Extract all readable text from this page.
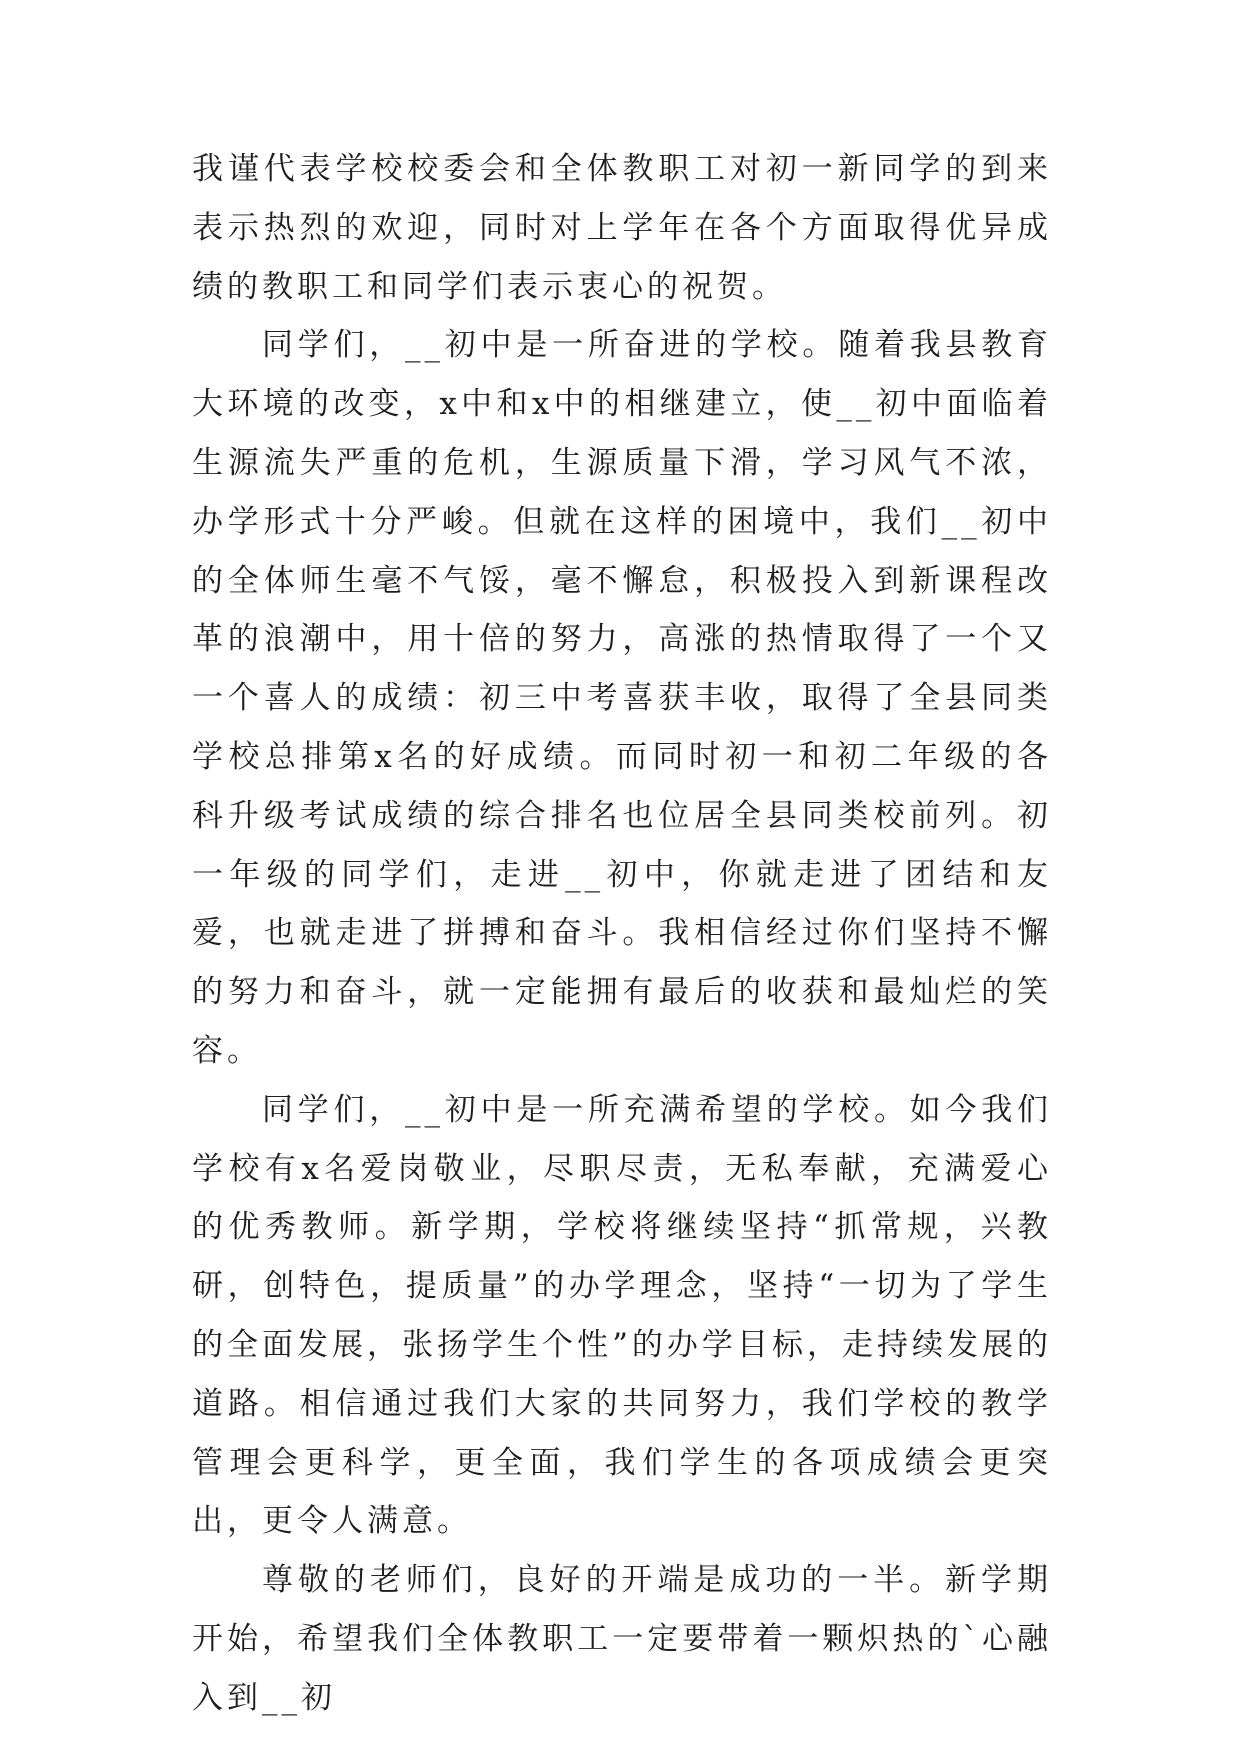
我谨代表学校校委会和全体教职工对初一新同学的到来表示热烈的欢迎，同时对上学年在各个方面取得优异成绩的教职工和同学们表示衷心的祝贺。

同学们，__初中是一所奋进的学校。随着我县教育大环境的改变，x中和x中的相继建立，使__初中面临着生源流失严重的危机，生源质量下滑，学习风气不浓，办学形式十分严峻。但就在这样的困境中，我们__初中的全体师生毫不气馁，毫不懈怠，积极投入到新课程改革的浪潮中，用十倍的努力，高涨的热情取得了一个又一个喜人的成绩：初三中考喜获丰收，取得了全县同类学校总排第x名的好成绩。而同时初一和初二年级的各科升级考试成绩的综合排名也位居全县同类校前列。初一年级的同学们，走进__初中，你就走进了团结和友爱，也就走进了拼搏和奋斗。我相信经过你们坚持不懈的努力和奋斗，就一定能拥有最后的收获和最灿烂的笑容。

同学们，__初中是一所充满希望的学校。如今我们学校有x名爱岗敬业，尽职尽责，无私奉献，充满爱心的优秀教师。新学期，学校将继续坚持“抓常规，兴教研，创特色，提质量”的办学理念，坚持“一切为了学生的全面发展，张扬学生个性”的办学目标，走持续发展的道路。相信通过我们大家的共同努力，我们学校的教学管理会更科学，更全面，我们学生的各项成绩会更突出，更令人满意。

尊敬的老师们，良好的开端是成功的一半。新学期开始，希望我们全体教职工一定要带着一颗炽热的`心融入到__初
